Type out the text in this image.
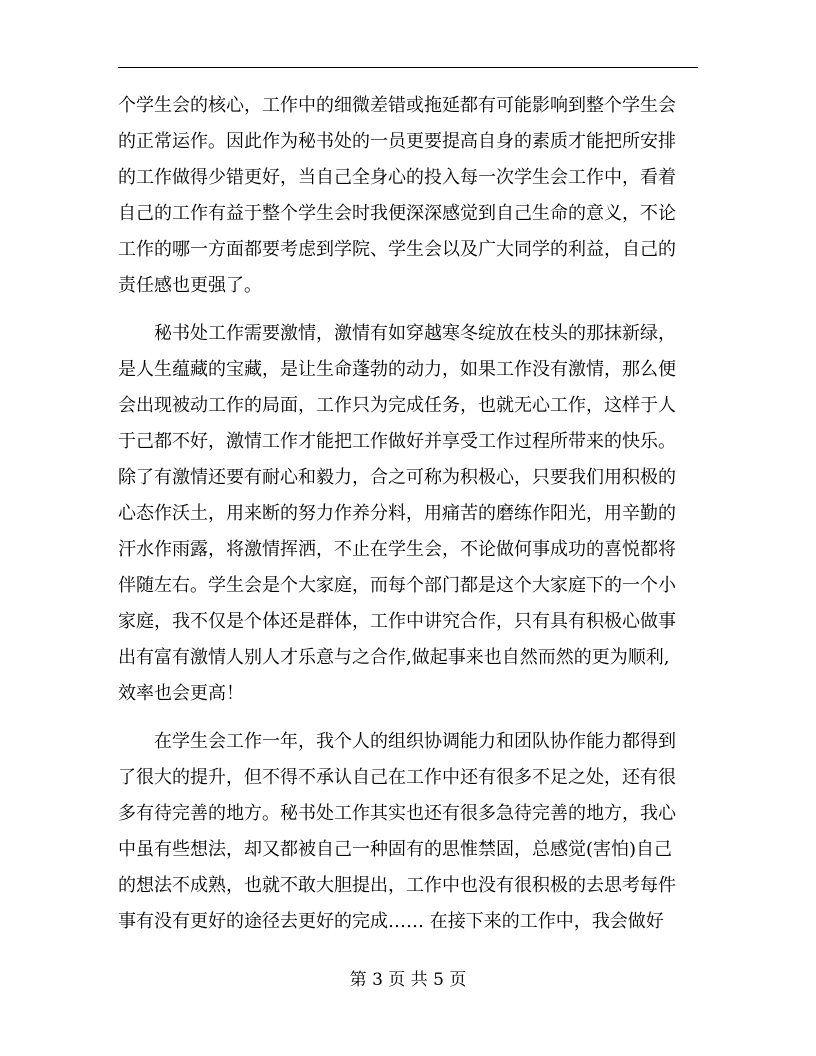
个学生会的核心，工作中的细微差错或拖延都有可能影响到整个学生会
的正常运作。因此作为秘书处的一员更要提高自身的素质才能把所安排
的工作做得少错更好，当自己全身心的投入每一次学生会工作中，看着
自己的工作有益于整个学生会时我便深深感觉到自己生命的意义，不论
工作的哪一方面都要考虑到学院、学生会以及广大同学的利益，自己的
责任感也更强了。
秘书处工作需要激情，激情有如穿越寒冬绽放在枝头的那抹新绿，
是人生蕴藏的宝藏，是让生命蓬勃的动力，如果工作没有激情，那么便
会出现被动工作的局面，工作只为完成任务，也就无心工作，这样于人
于己都不好，激情工作才能把工作做好并享受工作过程所带来的快乐。
除了有激情还要有耐心和毅力，合之可称为积极心，只要我们用积极的
心态作沃土，用来断的努力作养分料，用痛苦的磨练作阳光，用辛勤的
汗水作雨露，将激情挥洒，不止在学生会，不论做何事成功的喜悦都将
伴随左右。学生会是个大家庭，而每个部门都是这个大家庭下的一个小
家庭，我不仅是个体还是群体，工作中讲究合作，只有具有积极心做事
出有富有激情人别人才乐意与之合作,做起事来也自然而然的更为顺利,
效率也会更高！
在学生会工作一年，我个人的组织协调能力和团队协作能力都得到
了很大的提升，但不得不承认自己在工作中还有很多不足之处，还有很
多有待完善的地方。秘书处工作其实也还有很多急待完善的地方，我心
中虽有些想法，却又都被自己一种固有的思惟禁固，总感觉(害怕)自己
的想法不成熟，也就不敢大胆提出，工作中也没有很积极的去思考每件
事有没有更好的途径去更好的完成…… 在接下来的工作中，我会做好
第 3 页 共 5 页
